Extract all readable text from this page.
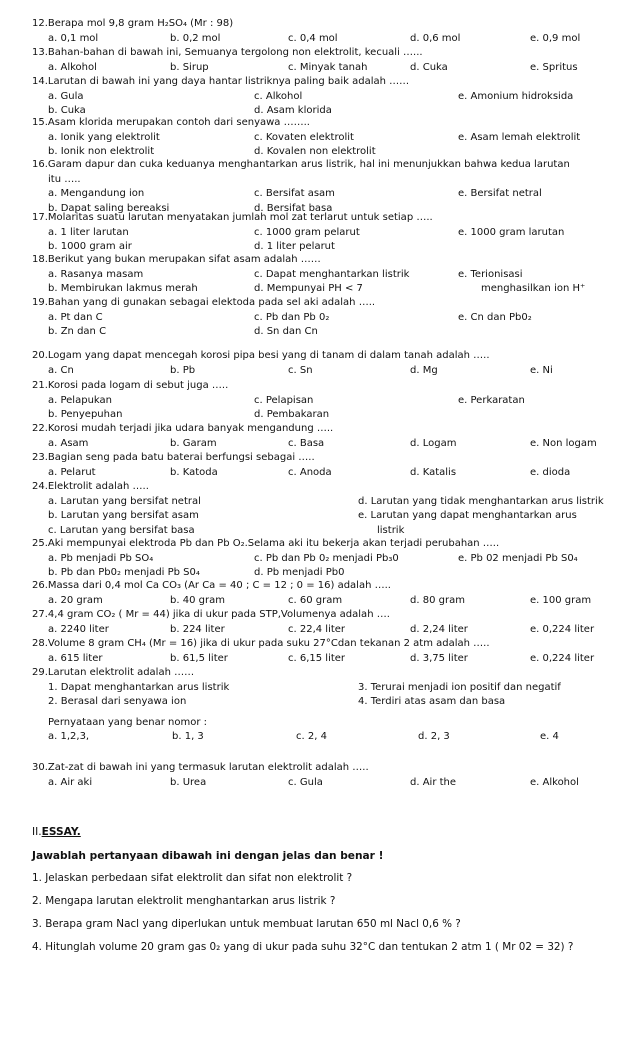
12.Berapa mol 9,8 gram H₂SO₄ (Mr : 98)
a. 0,1 mol	b. 0,2 mol	c. 0,4 mol	d. 0,6 mol	e. 0,9 mol
13.Bahan-bahan di bawah ini, Semuanya tergolong non elektrolit, kecuali …...
a. Alkohol	b. Sirup	c. Minyak tanah	d. Cuka	e. Spritus
14.Larutan di bawah ini yang daya hantar listriknya paling baik adalah ……
a. Gula	c. Alkohol	e. Amonium hidroksida
b. Cuka	d. Asam klorida
15.Asam klorida merupakan contoh dari senyawa ……..
a. Ionik yang elektrolit	c. Kovaten elektrolit	e. Asam lemah elektrolit
b. Ionik non elektrolit	d. Kovalen non elektrolit
16.Garam dapur dan cuka keduanya menghantarkan arus listrik, hal ini menunjukkan bahwa kedua larutan
itu …..
a. Mengandung ion	c. Bersifat asam	e. Bersifat netral
b. Dapat saling bereaksi	d. Bersifat basa
17.Molaritas suatu larutan menyatakan jumlah mol zat terlarut untuk setiap …..
a. 1 liter larutan	c. 1000 gram pelarut	e. 1000 gram larutan
b. 1000 gram air	d. 1 liter pelarut
18.Berikut yang bukan merupakan sifat asam adalah ……
a. Rasanya masam	c. Dapat menghantarkan listrik	e. Terionisasi
b. Membirukan lakmus merah	d. Mempunyai PH < 7	menghasilkan ion H⁺
19.Bahan yang di gunakan sebagai elektoda pada sel aki adalah …..
a. Pt dan C	c. Pb dan Pb 0₂	e. Cn dan Pb0₂
b. Zn dan C	d. Sn dan Cn
20.Logam yang dapat mencegah korosi pipa besi yang di tanam di dalam tanah adalah …..
a. Cn	b. Pb	c. Sn	d. Mg	e. Ni
21.Korosi pada logam di sebut juga …..
a. Pelapukan	c. Pelapisan	e. Perkaratan
b. Penyepuhan	d. Pembakaran
22.Korosi mudah terjadi jika udara banyak mengandung …..
a. Asam	b. Garam	c. Basa	d. Logam	e. Non logam
23.Bagian seng pada batu baterai berfungsi sebagai …..
a. Pelarut	b. Katoda	c. Anoda	d. Katalis	e. dioda
24.Elektrolit adalah …..
a. Larutan yang bersifat netral	d. Larutan yang tidak menghantarkan arus listrik
b. Larutan yang bersifat asam	e. Larutan yang dapat menghantarkan arus
c. Larutan yang bersifat basa	listrik
25.Aki mempunyai elektroda Pb dan Pb O₂.Selama aki itu bekerja akan terjadi perubahan …..
a. Pb menjadi Pb SO₄	c. Pb dan Pb 0₂ menjadi Pb₃0	e. Pb 02 menjadi Pb S0₄
b. Pb dan Pb0₂ menjadi Pb S0₄	d. Pb menjadi Pb0
26.Massa dari 0,4 mol Ca CO₃ (Ar Ca = 40 ; C = 12 ; 0 = 16) adalah …..
a. 20 gram	b. 40 gram	c. 60 gram	d. 80 gram	e. 100 gram
27.4,4 gram CO₂ ( Mr = 44) jika di ukur pada STP,Volumenya adalah ….
a. 2240 liter	b. 224 liter	c. 22,4 liter	d. 2,24 liter	e. 0,224 liter
28.Volume 8 gram CH₄ (Mr = 16) jika di ukur pada suku 27°Cdan tekanan 2 atm adalah …..
a. 615 liter	b. 61,5 liter	c. 6,15 liter	d. 3,75 liter	e. 0,224 liter
29.Larutan elektrolit adalah ……
1. Dapat menghantarkan arus listrik	3. Terurai menjadi ion positif dan negatif
2. Berasal dari senyawa ion	4. Terdiri atas asam dan basa
Pernyataan yang benar nomor :
a. 1,2,3,	b. 1, 3	c. 2, 4	d. 2, 3	e. 4
30.Zat-zat di bawah ini yang termasuk larutan elektrolit adalah …..
a. Air aki	b. Urea	c. Gula	d. Air the	e. Alkohol
II.ESSAY.
Jawablah pertanyaan dibawah ini dengan jelas dan benar !
1. Jelaskan perbedaan sifat elektrolit dan sifat non elektrolit ?
2. Mengapa larutan elektrolit menghantarkan arus listrik ?
3. Berapa gram Nacl yang diperlukan untuk membuat larutan 650 ml Nacl 0,6 % ?
4. Hitunglah volume 20 gram gas 0₂ yang di ukur pada suhu 32°C dan tentukan 2 atm 1 ( Mr 02 = 32) ?
